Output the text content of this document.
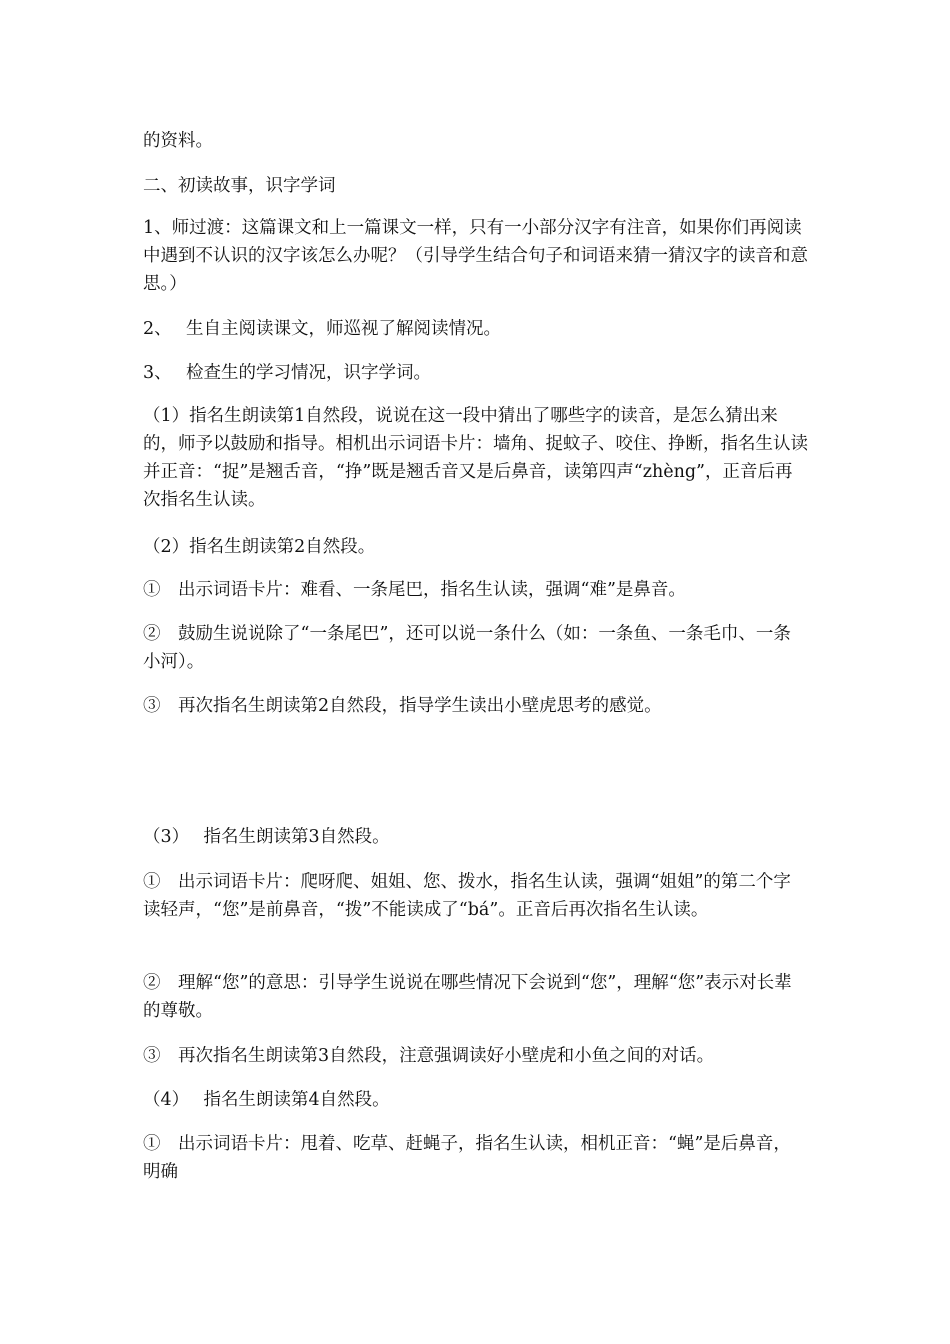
的资料。

二、初读故事，识字学词

1、师过渡：这篇课文和上一篇课文一样，只有一小部分汉字有注音，如果你们再阅读中遇到不认识的汉字该怎么办呢？（引导学生结合句子和词语来猜一猜汉字的读音和意思。）

2、　 生自主阅读课文，师巡视了解阅读情况。

3、　 检查生的学习情况，识字学词。

（1）指名生朗读第1自然段，说说在这一段中猜出了哪些字的读音，是怎么猜出来的，师予以鼓励和指导。相机出示词语卡片：墙角、捉蚊子、咬住、挣断，指名生认读并正音：“捉”是翘舌音，“挣”既是翘舌音又是后鼻音，读第四声“zhèng”，正音后再次指名生认读。

（2）指名生朗读第2自然段。

①　出示词语卡片：难看、一条尾巴，指名生认读，强调“难”是鼻音。

②　鼓励生说说除了“一条尾巴”，还可以说一条什么（如：一条鱼、一条毛巾、一条小河）。

③　再次指名生朗读第2自然段，指导学生读出小壁虎思考的感觉。

（3）　 指名生朗读第3自然段。

①　出示词语卡片：爬呀爬、姐姐、您、拨水，指名生认读，强调“姐姐”的第二个字读轻声，“您”是前鼻音，“拨”不能读成了“bá”。正音后再次指名生认读。

②　理解“您”的意思：引导学生说说在哪些情况下会说到“您”，理解“您”表示对长辈的尊敬。

③　再次指名生朗读第3自然段，注意强调读好小壁虎和小鱼之间的对话。

（4）　 指名生朗读第4自然段。

①　出示词语卡片：甩着、吃草、赶蝇子，指名生认读，相机正音：“蝇”是后鼻音，明确
